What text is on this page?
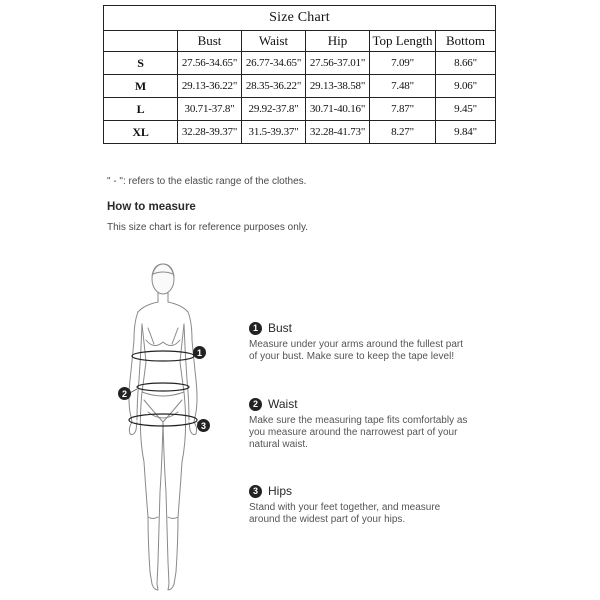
Size Chart					
	Bust	Waist	Hip	Top Length	Bottom
S	27.56-34.65"	26.77-34.65"	27.56-37.01"	7.09"	8.66"
M	29.13-36.22"	28.35-36.22"	29.13-38.58"	7.48"	9.06"
L	30.71-37.8"	29.92-37.8"	30.71-40.16"	7.87"	9.45"
XL	32.28-39.37"	31.5-39.37"	32.28-41.73"	8.27"	9.84"
" - ": refers to the elastic range of the clothes.
How to measure
This size chart is for reference purposes only.
1
2
3
1 Bust
Measure under your arms around the fullest part
of your bust. Make sure to keep the tape level!
2 Waist
Make sure the measuring tape fits comfortably as
you measure around the narrowest part of your
natural waist.
3 Hips
Stand with your feet together, and measure
around the widest part of your hips.
